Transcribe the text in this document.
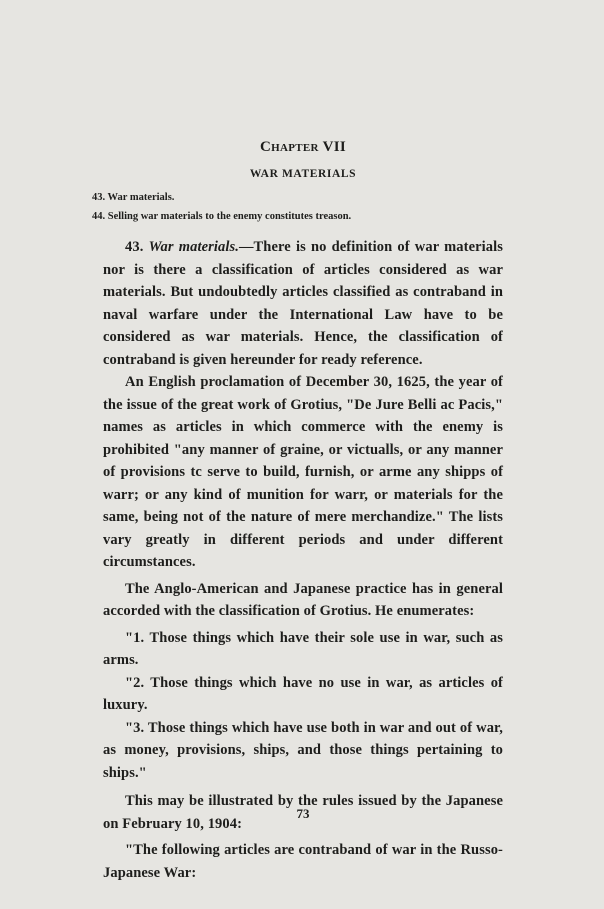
Chapter VII
WAR MATERIALS
43. War materials.
44. Selling war materials to the enemy constitutes treason.

43. War materials.—There is no definition of war materials nor is there a classification of articles considered as war materials. But undoubtedly articles classified as contraband in naval warfare under the International Law have to be considered as war materials. Hence, the classification of contraband is given hereunder for ready reference.

An English proclamation of December 30, 1625, the year of the issue of the great work of Grotius, "De Jure Belli ac Pacis," names as articles in which commerce with the enemy is prohibited "any manner of graine, or victualls, or any manner of provisions tc serve to build, furnish, or arme any shipps of warr; or any kind of munition for warr, or materials for the same, being not of the nature of mere merchandize." The lists vary greatly in different periods and under different circumstances.

The Anglo-American and Japanese practice has in general accorded with the classification of Grotius. He enumerates:

"1. Those things which have their sole use in war, such as arms.

"2. Those things which have no use in war, as articles of luxury.

"3. Those things which have use both in war and out of war, as money, provisions, ships, and those things pertaining to ships."

This may be illustrated by the rules issued by the Japanese on February 10, 1904:

"The following articles are contraband of war in the Russo-Japanese War:

73
